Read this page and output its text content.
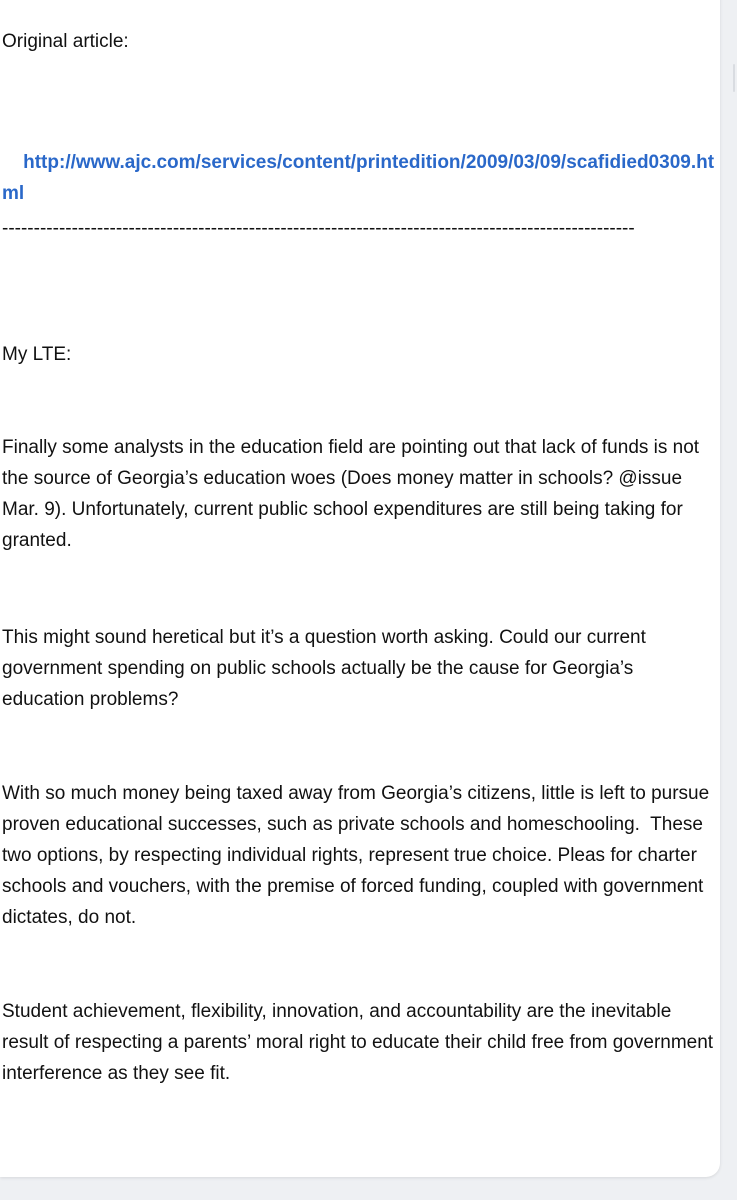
Original article:

http://www.ajc.com/services/content/printedition/2009/03/09/scafidied0309.html

----------------------------------------------------------------------------------------------------

My LTE:

Finally some analysts in the education field are pointing out that lack of funds is not the source of Georgia’s education woes (Does money matter in schools? @issue Mar. 9). Unfortunately, current public school expenditures are still being taking for granted.

This might sound heretical but it’s a question worth asking. Could our current government spending on public schools actually be the cause for Georgia’s education problems?

With so much money being taxed away from Georgia’s citizens, little is left to pursue proven educational successes, such as private schools and homeschooling.  These two options, by respecting individual rights, represent true choice. Pleas for charter schools and vouchers, with the premise of forced funding, coupled with government dictates, do not.

Student achievement, flexibility, innovation, and accountability are the inevitable result of respecting a parents’ moral right to educate their child free from government interference as they see fit.
